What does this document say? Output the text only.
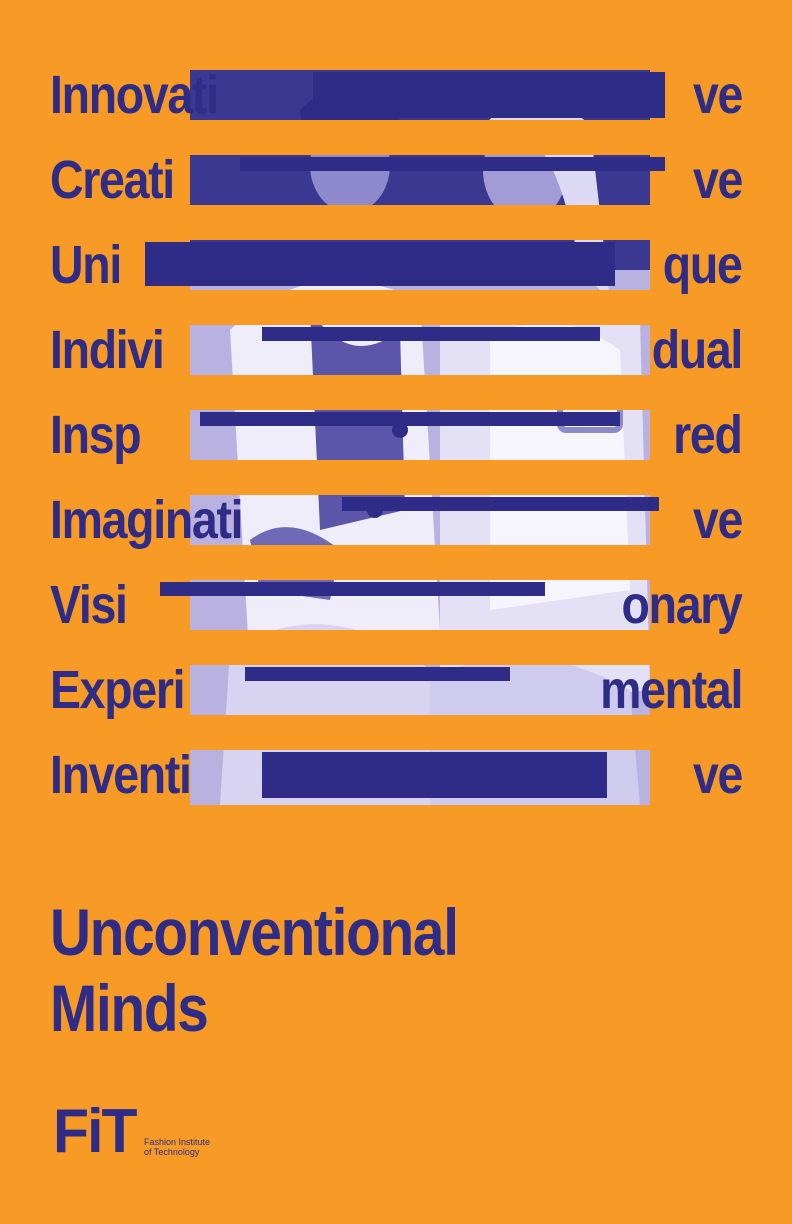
Innovati	ve
Creati	ve
Uni	que
Indivi	dual
Insp	red
Imaginati	ve
Visi	onary
Experi	mental
Inventi	ve
Unconventional
Minds
FiT Fashion Institute
of Technology
